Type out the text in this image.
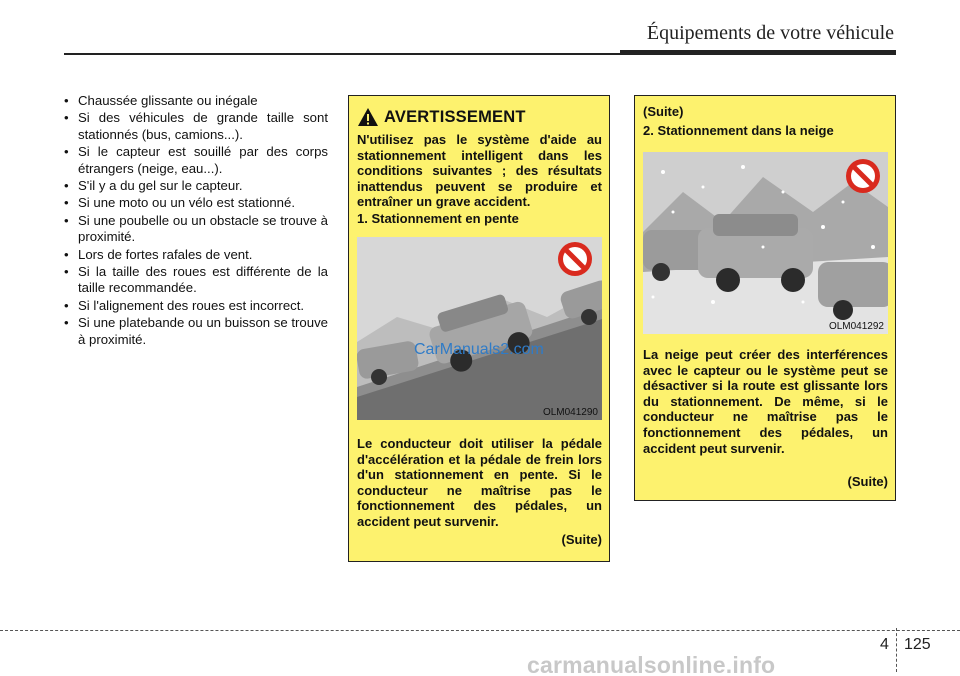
Équipements de votre véhicule
• Chaussée glissante ou inégale
• Si des véhicules de grande taille sont stationnés (bus, camions...).
• Si le capteur est souillé par des corps étrangers (neige, eau...).
• S'il y a du gel sur le capteur.
• Si une moto ou un vélo est stationné.
• Si une poubelle ou un obstacle se trouve à proximité.
• Lors de fortes rafales de vent.
• Si la taille des roues est différente de la taille recommandée.
• Si l'alignement des roues est incorrect.
• Si une platebande ou un buisson se trouve à proximité.
AVERTISSEMENT
N'utilisez pas le système d'aide au stationnement intelligent dans les conditions suivantes ; des résultats inattendus peuvent se produire et entraîner un grave accident.
1. Stationnement en pente
CarManuals2.com
OLM041290
Le conducteur doit utiliser la pédale d'accélération et la pédale de frein lors d'un stationnement en pente. Si le conducteur ne maîtrise pas le fonctionnement des pédales, un accident peut survenir.
(Suite)
(Suite)
2. Stationnement dans la neige
OLM041292
La neige peut créer des interférences avec le capteur ou le système peut se désactiver si la route est glissante lors du stationnement. De même, si le conducteur ne maîtrise pas le fonctionnement des pédales, un accident peut survenir.
(Suite)
4 125
carmanualsonline.info
